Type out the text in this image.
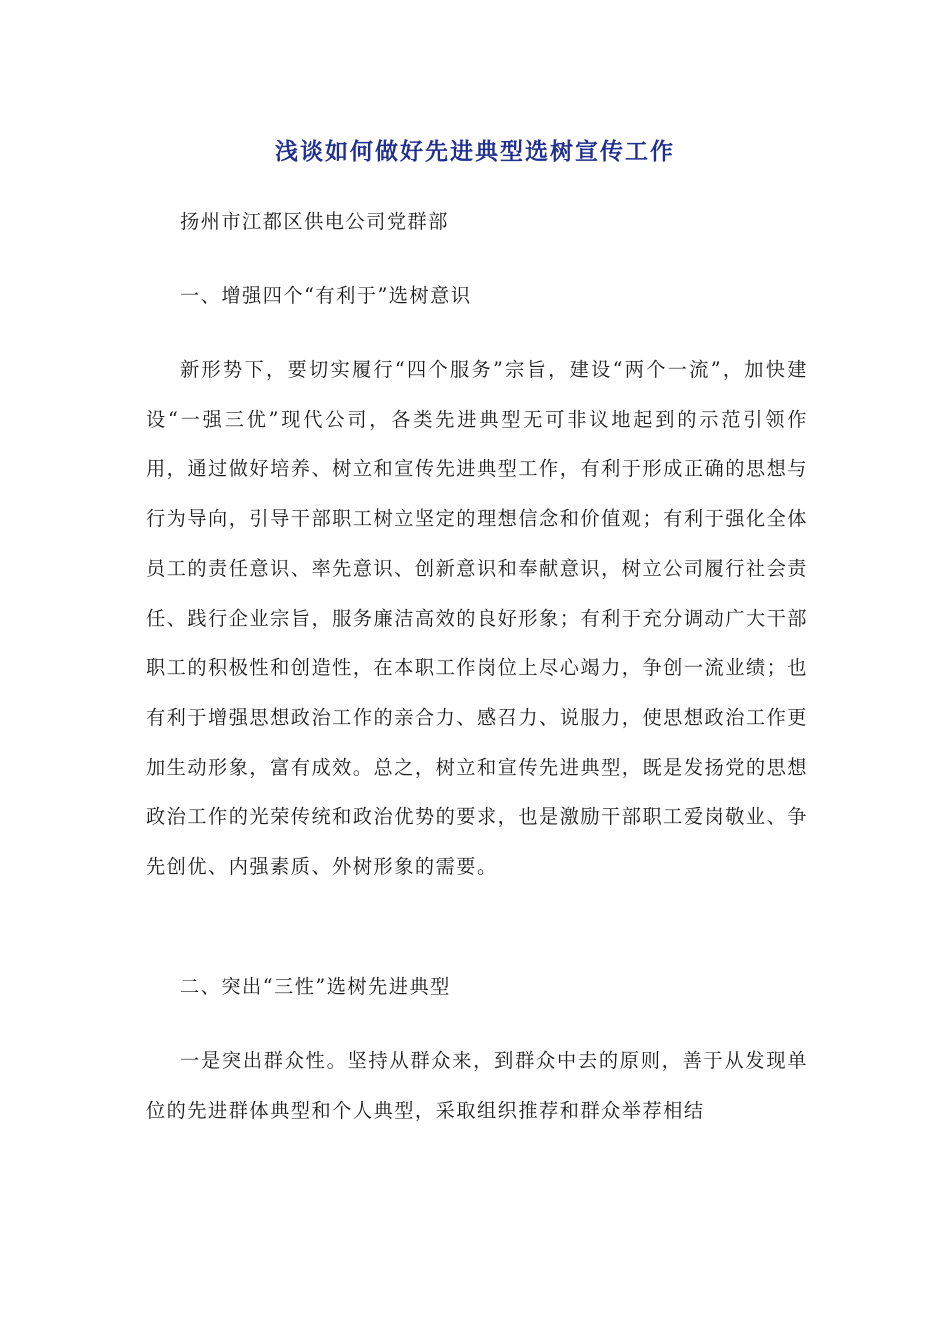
浅谈如何做好先进典型选树宣传工作

扬州市江都区供电公司党群部

一、增强四个“有利于”选树意识

新形势下，要切实履行“四个服务”宗旨，建设“两个一流”，加快建设“一强三优”现代公司，各类先进典型无可非议地起到的示范引领作用，通过做好培养、树立和宣传先进典型工作，有利于形成正确的思想与行为导向，引导干部职工树立坚定的理想信念和价值观；有利于强化全体员工的责任意识、率先意识、创新意识和奉献意识，树立公司履行社会责任、践行企业宗旨，服务廉洁高效的良好形象；有利于充分调动广大干部职工的积极性和创造性，在本职工作岗位上尽心竭力，争创一流业绩；也有利于增强思想政治工作的亲合力、感召力、说服力，使思想政治工作更加生动形象，富有成效。总之，树立和宣传先进典型，既是发扬党的思想政治工作的光荣传统和政治优势的要求，也是激励干部职工爱岗敬业、争先创优、内强素质、外树形象的需要。

二、突出“三性”选树先进典型

一是突出群众性。坚持从群众来，到群众中去的原则，善于从发现单位的先进群体典型和个人典型，采取组织推荐和群众举荐相结
